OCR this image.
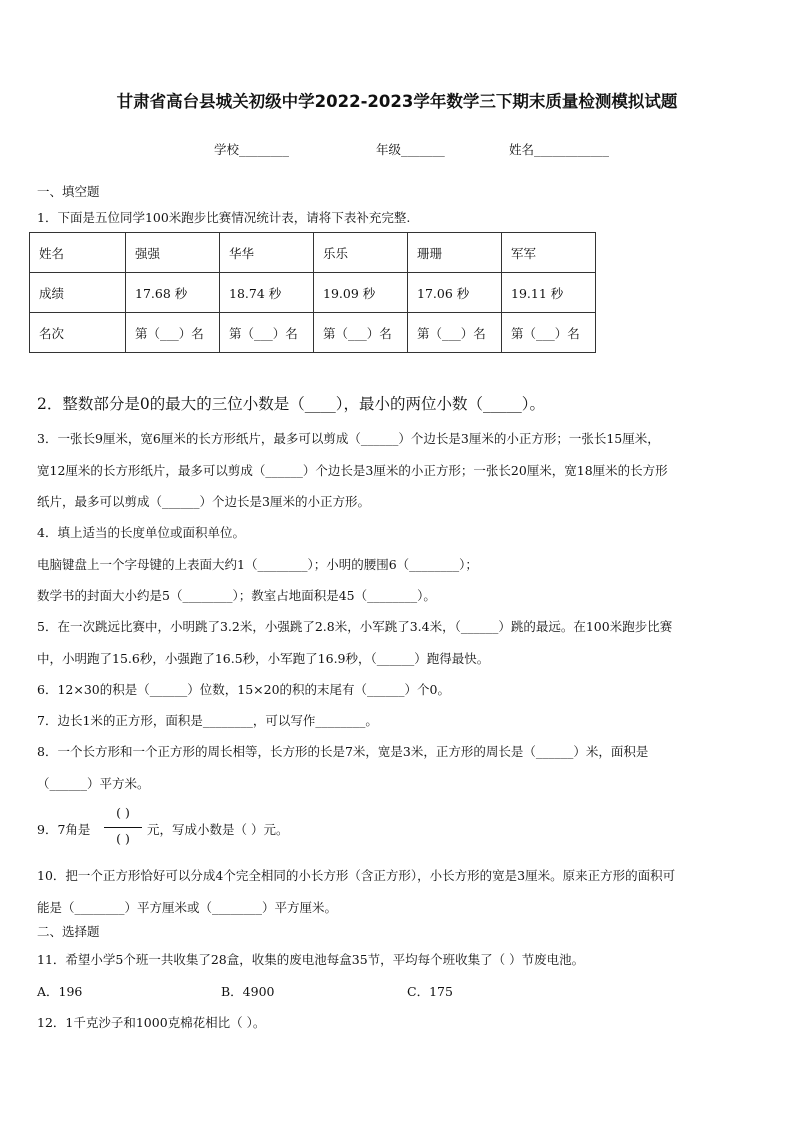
甘肃省高台县城关初级中学2022-2023学年数学三下期末质量检测模拟试题
学校________	年级_______	姓名____________
一、填空题
1．下面是五位同学100米跑步比赛情况统计表，请将下表补充完整.
姓名	强强	华华	乐乐	珊珊	军军
成绩	17.68 秒	18.74 秒	19.09 秒	17.06 秒	19.11 秒
名次	第（___）名	第（___）名	第（___）名	第（___）名	第（___）名
2．整数部分是0的最大的三位小数是（____），最小的两位小数（_____）。
3．一张长9厘米，宽6厘米的长方形纸片，最多可以剪成（______）个边长是3厘米的小正方形；一张长15厘米，
宽12厘米的长方形纸片，最多可以剪成（______）个边长是3厘米的小正方形；一张长20厘米，宽18厘米的长方形
纸片，最多可以剪成（______）个边长是3厘米的小正方形。
4．填上适当的长度单位或面积单位。
电脑键盘上一个字母键的上表面大约1（________）；小明的腰围6（________）；
数学书的封面大小约是5（________）；教室占地面积是45（________）。
5．在一次跳远比赛中，小明跳了3.2米，小强跳了2.8米，小军跳了3.4米，（______）跳的最远。在100米跑步比赛
中，小明跑了15.6秒，小强跑了16.5秒，小军跑了16.9秒，（______）跑得最快。
6．12×30的积是（______）位数，15×20的积的末尾有（______）个0。
7．边长1米的正方形，面积是________，可以写作________。
8．一个长方形和一个正方形的周长相等，长方形的长是7米，宽是3米，正方形的周长是（______）米，面积是
（______）平方米。
9．7角是
( )
( )
元，写成小数是（ ）元。
10．把一个正方形恰好可以分成4个完全相同的小长方形（含正方形），小长方形的宽是3厘米。原来正方形的面积可
能是（________）平方厘米或（________）平方厘米。
二、选择题
11．希望小学5个班一共收集了28盒，收集的废电池每盒35节，平均每个班收集了（ ）节废电池。
A．196	B．4900	C．175
12．1千克沙子和1000克棉花相比（ ）。
